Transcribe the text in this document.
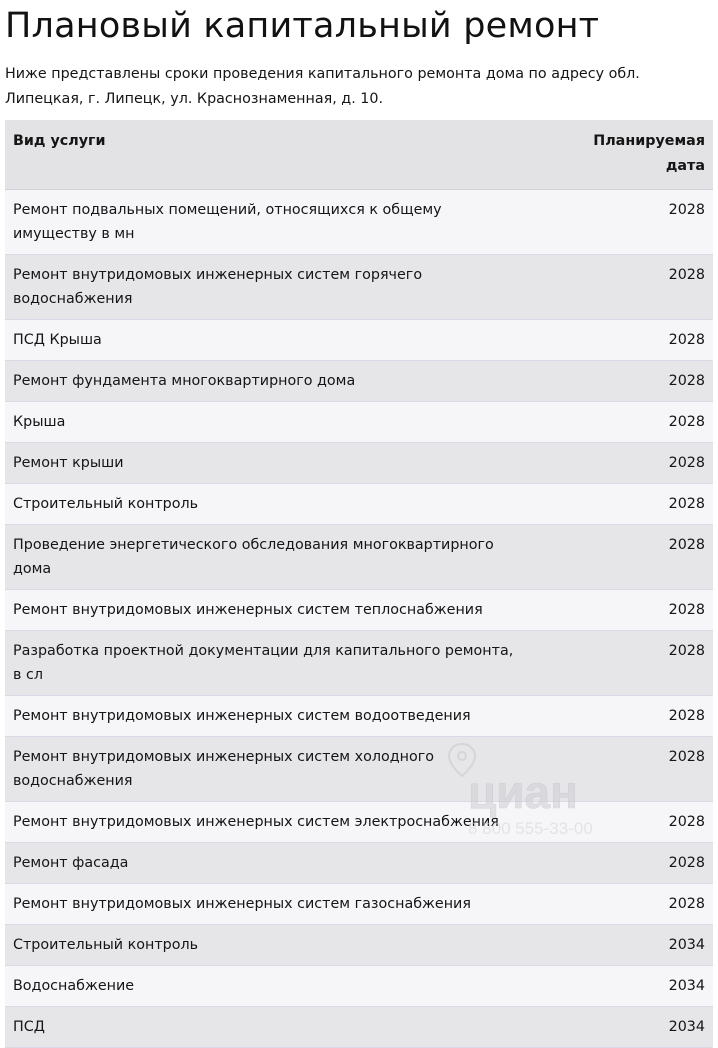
Плановый капитальный ремонт

Ниже представлены сроки проведения капитального ремонта дома по адресу обл. Липецкая, г. Липецк, ул. Краснознаменная, д. 10.

Вид услуги	Планируемая дата
Ремонт подвальных помещений, относящихся к общему имуществу в мн	2028
Ремонт внутридомовых инженерных систем горячего водоснабжения	2028
ПСД Крыша	2028
Ремонт фундамента многоквартирного дома	2028
Крыша	2028
Ремонт крыши	2028
Строительный контроль	2028
Проведение энергетического обследования многоквартирного дома	2028
Ремонт внутридомовых инженерных систем теплоснабжения	2028
Разработка проектной документации для капитального ремонта, в сл	2028
Ремонт внутридомовых инженерных систем водоотведения	2028
Ремонт внутридомовых инженерных систем холодного водоснабжения	2028
Ремонт внутридомовых инженерных систем электроснабжения	2028
Ремонт фасада	2028
Ремонт внутридомовых инженерных систем газоснабжения	2028
Строительный контроль	2034
Водоснабжение	2034
ПСД	2034
циан
8 800 555-33-00
